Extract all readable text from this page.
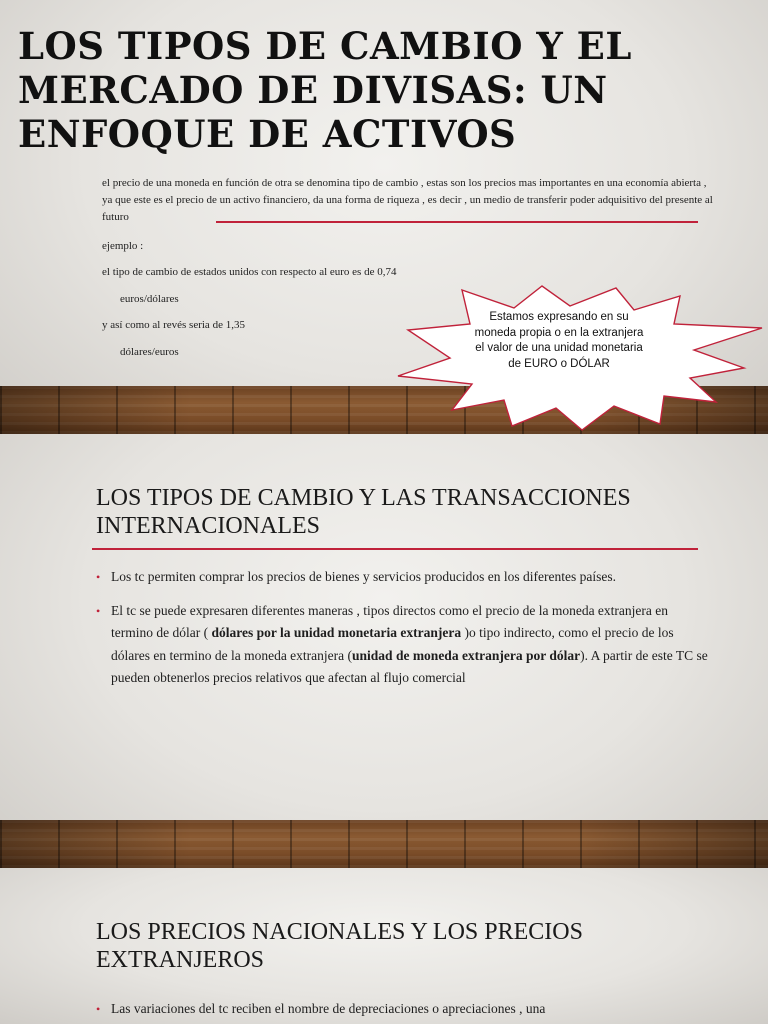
LOS TIPOS DE CAMBIO Y EL MERCADO DE DIVISAS: UN ENFOQUE DE ACTIVOS
el precio de una moneda en función de otra se denomina tipo de cambio , estas son los precios mas importantes en una economía abierta , ya que este es el precio de un activo financiero, da una forma de riqueza , es decir , un medio de transferir poder adquisitivo del presente al futuro
ejemplo :
el tipo de cambio de estados unidos con respecto al euro es de 0,74
euros/dólares
y así como al revés seria de 1,35
dólares/euros
Estamos expresando en su moneda propia o en la extranjera el valor de una unidad monetaria de EURO o DÓLAR
LOS TIPOS DE CAMBIO Y LAS TRANSACCIONES INTERNACIONALES
• Los tc permiten comprar los precios de bienes y servicios producidos en los diferentes países.
• El tc se puede expresaren diferentes maneras , tipos directos como el precio de la moneda extranjera en termino de dólar ( dólares por la unidad monetaria extranjera )o tipo indirecto, como el precio de los dólares en termino de la moneda extranjera (unidad de moneda extranjera por dólar). A partir de este TC se pueden obtenerlos precios relativos que afectan al flujo comercial
LOS PRECIOS NACIONALES Y LOS PRECIOS EXTRANJEROS
• Las variaciones del tc reciben el nombre de depreciaciones o apreciaciones , una
